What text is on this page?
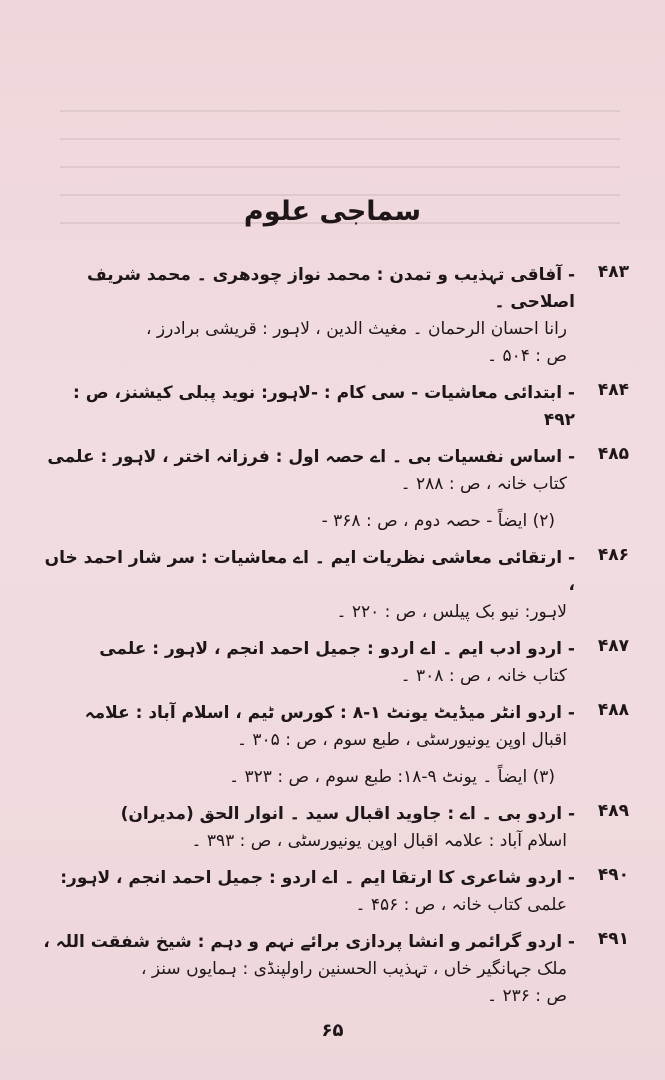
سماجی علوم
۴۸۳
- آفاقی تہذیب و تمدن : محمد نواز چودھری ۔ محمد شریف اصلاحی ۔
رانا احسان الرحمان ۔ مغیث الدین ، لاہور : قریشی برادرز ،
ص : ۵۰۴ ۔
۴۸۴
- ابتدائی معاشیات - سی کام : -لاہور: نوید پبلی کیشنز، ص : ۴۹۲
۴۸۵
- اساس نفسیات بی ۔ اے حصہ اول : فرزانہ اختر ، لاہور : علمی
کتاب خانہ ، ص : ۲۸۸ ۔
(۲) ایضاً - حصہ دوم ، ص : ۳۶۸ -
۴۸۶
- ارتقائی معاشی نظریات ایم ۔ اے معاشیات : سر شار احمد خاں ،
لاہور: نیو بک پیلس ، ص : ۲۲۰ ۔
۴۸۷
- اردو ادب ایم ۔ اے اردو : جمیل احمد انجم ، لاہور : علمی
کتاب خانہ ، ص : ۳۰۸ ۔
۴۸۸
- اردو انٹر میڈیٹ یونٹ ۱-۸ : کورس ٹیم ، اسلام آباد : علامہ
اقبال اوپن یونیورسٹی ، طبع سوم ، ص : ۳۰۵ ۔
(۳) ایضاً ۔ یونٹ ۹-۱۸: طبع سوم ، ص : ۳۲۳ ۔
۴۸۹
- اردو بی ۔ اے : جاوید اقبال سید ۔ انوار الحق (مدیران)
اسلام آباد : علامہ اقبال اوپن یونیورسٹی ، ص : ۳۹۳ ۔
۴۹۰
- اردو شاعری کا ارتقا ایم ۔ اے اردو : جمیل احمد انجم ، لاہور:
علمی کتاب خانہ ، ص : ۴۵۶ ۔
۴۹۱
- اردو گرائمر و انشا پردازی برائے نہم و دہم : شیخ شفقت اللہ ،
ملک جہانگیر خاں ، تہذیب الحسنین راولپنڈی : ہمایوں سنز ،
ص : ۲۳۶ ۔
۶۵
